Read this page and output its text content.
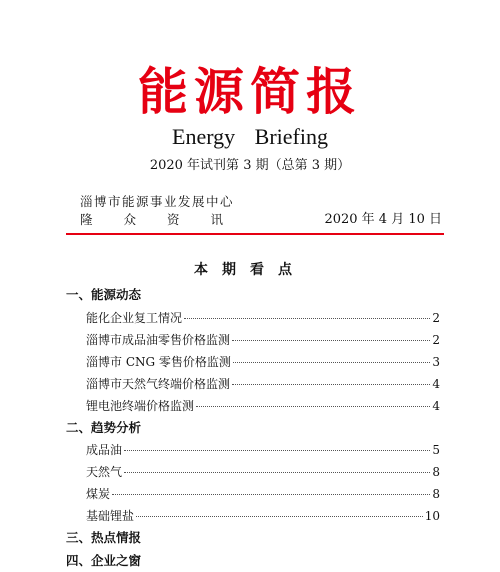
能源简报
Energy Briefing
2020 年试刊第 3 期（总第 3 期）
淄博市能源事业发展中心
隆众资讯	2020 年 4 月 10 日
本期看点
一、能源动态
能化企业复工情况	2
淄博市成品油零售价格监测	2
淄博市 CNG 零售价格监测	3
淄博市天然气终端价格监测	4
锂电池终端价格监测	4
二、趋势分析
成品油	5
天然气	8
煤炭	8
基础锂盐	10
三、热点情报
四、企业之窗
